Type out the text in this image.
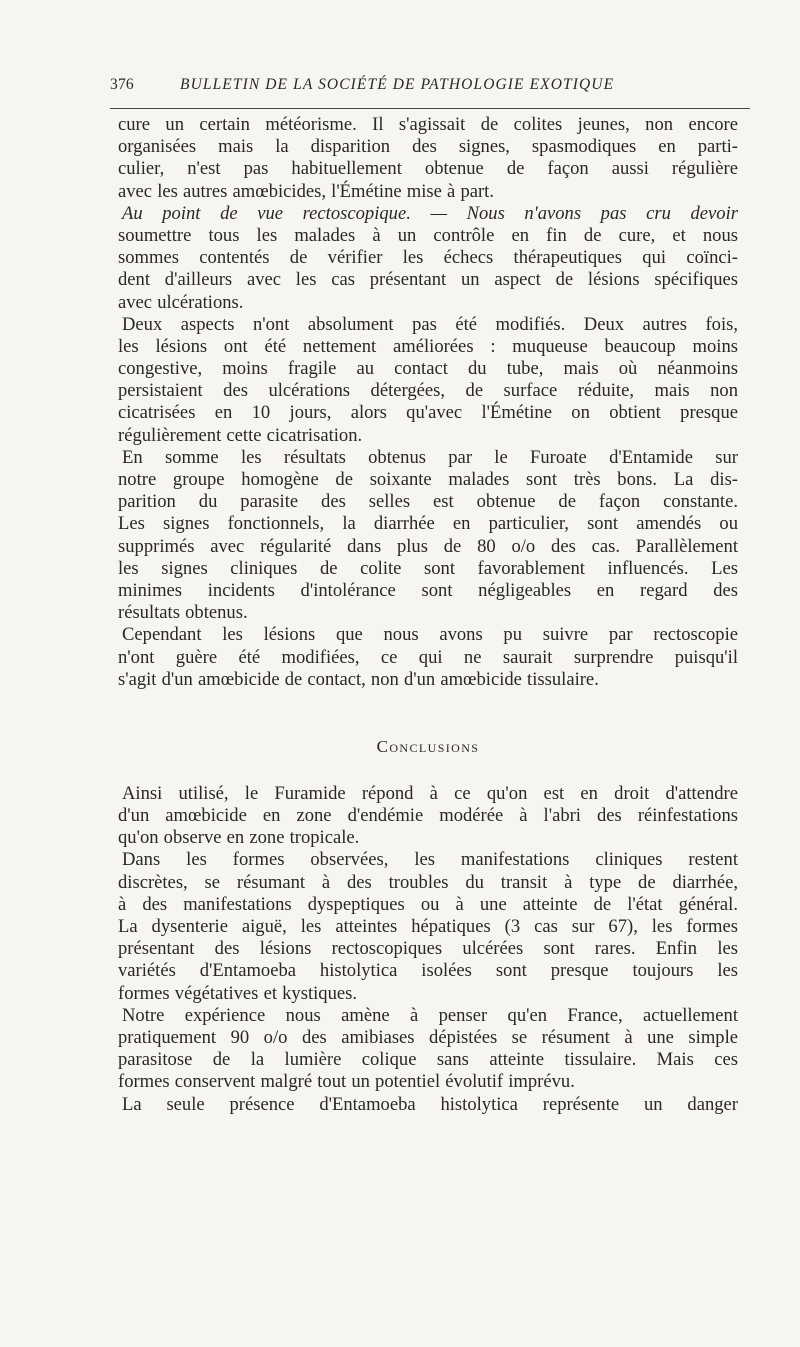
376	BULLETIN DE LA SOCIÉTÉ DE PATHOLOGIE EXOTIQUE
cure un certain météorisme. Il s'agissait de colites jeunes, non encore
organisées mais la disparition des signes, spasmodiques en parti-
culier, n'est pas habituellement obtenue de façon aussi régulière
avec les autres amœbicides, l'Émétine mise à part.
Au point de vue rectoscopique. — Nous n'avons pas cru devoir
soumettre tous les malades à un contrôle en fin de cure, et nous
sommes contentés de vérifier les échecs thérapeutiques qui coïnci-
dent d'ailleurs avec les cas présentant un aspect de lésions spécifiques
avec ulcérations.
Deux aspects n'ont absolument pas été modifiés. Deux autres fois,
les lésions ont été nettement améliorées : muqueuse beaucoup moins
congestive, moins fragile au contact du tube, mais où néanmoins
persistaient des ulcérations détergées, de surface réduite, mais non
cicatrisées en 10 jours, alors qu'avec l'Émétine on obtient presque
régulièrement cette cicatrisation.
En somme les résultats obtenus par le Furoate d'Entamide sur
notre groupe homogène de soixante malades sont très bons. La dis-
parition du parasite des selles est obtenue de façon constante.
Les signes fonctionnels, la diarrhée en particulier, sont amendés ou
supprimés avec régularité dans plus de 80 o/o des cas. Parallèlement
les signes cliniques de colite sont favorablement influencés. Les
minimes incidents d'intolérance sont négligeables en regard des
résultats obtenus.
Cependant les lésions que nous avons pu suivre par rectoscopie
n'ont guère été modifiées, ce qui ne saurait surprendre puisqu'il
s'agit d'un amœbicide de contact, non d'un amœbicide tissulaire.
Conclusions
Ainsi utilisé, le Furamide répond à ce qu'on est en droit d'attendre
d'un amœbicide en zone d'endémie modérée à l'abri des réinfestations
qu'on observe en zone tropicale.
Dans les formes observées, les manifestations cliniques restent
discrètes, se résumant à des troubles du transit à type de diarrhée,
à des manifestations dyspeptiques ou à une atteinte de l'état général.
La dysenterie aiguë, les atteintes hépatiques (3 cas sur 67), les formes
présentant des lésions rectoscopiques ulcérées sont rares. Enfin les
variétés d'Entamoeba histolytica isolées sont presque toujours les
formes végétatives et kystiques.
Notre expérience nous amène à penser qu'en France, actuellement
pratiquement 90 o/o des amibiases dépistées se résument à une simple
parasitose de la lumière colique sans atteinte tissulaire. Mais ces
formes conservent malgré tout un potentiel évolutif imprévu.
La seule présence d'Entamoeba histolytica représente un danger
